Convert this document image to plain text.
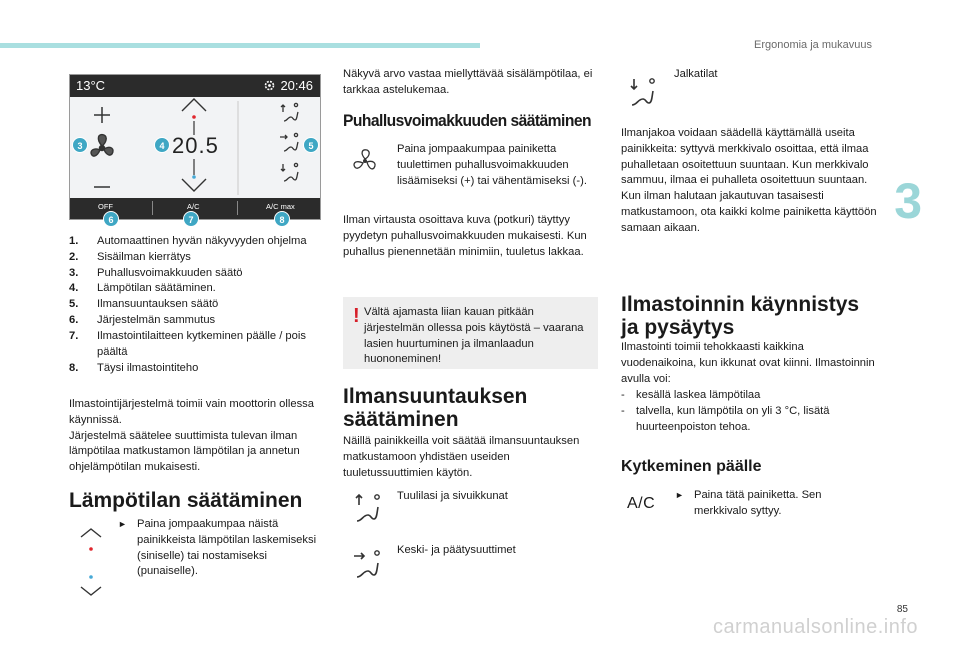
Ergonomia ja mukavuus
3
85
carmanualsonline.info
13°C	20:46
20.5
OFF	A/C	A/C max
3	4	5
6	7	8
1. Automaattinen hyvän näkyvyyden ohjelma
2. Sisäilman kierrätys
3. Puhallusvoimakkuuden säätö
4. Lämpötilan säätäminen.
5. Ilmansuuntauksen säätö
6. Järjestelmän sammutus
7. Ilmastointilaitteen kytkeminen päälle / pois päältä
8. Täysi ilmastointiteho

Ilmastointijärjestelmä toimii vain moottorin ollessa käynnissä.
Järjestelmä säätelee suuttimista tulevan ilman lämpötilaa matkustamon lämpötilan ja annetun ohjelämpötilan mukaisesti.

Lämpötilan säätäminen
► Paina jompaakumpaa näistä painikkeista lämpötilan laskemiseksi (siniselle) tai nostamiseksi (punaiselle).

Näkyvä arvo vastaa miellyttävää sisälämpötilaa, ei tarkkaa astelukemaa.

Puhallusvoimakkuuden säätäminen

Paina jompaakumpaa painiketta tuulettimen puhallusvoimakkuuden lisäämiseksi (+) tai vähentämiseksi (-).

Ilman virtausta osoittava kuva (potkuri) täyttyy pyydetyn puhallusvoimakkuuden mukaisesti. Kun puhallus pienennetään minimiin, tuuletus lakkaa.

! Vältä ajamasta liian kauan pitkään järjestelmän ollessa pois käytöstä – vaarana lasien huurtuminen ja ilmanlaadun huononeminen!

Ilmansuuntauksen säätäminen

Näillä painikkeilla voit säätää ilmansuuntauksen matkustamoon yhdistäen useiden tuuletussuuttimien käytön.

Tuulilasi ja sivuikkunat

Keski- ja päätysuuttimet

Jalkatilat

Ilmanjakoa voidaan säädellä käyttämällä useita painikkeita: syttyvä merkkivalo osoittaa, että ilmaa puhalletaan osoitettuun suuntaan. Kun merkkivalo sammuu, ilmaa ei puhalleta osoitettuun suuntaan.
Kun ilman halutaan jakautuvan tasaisesti matkustamoon, ota kaikki kolme painiketta käyttöön samaan aikaan.

Ilmastoinnin käynnistys ja pysäytys

Ilmastointi toimii tehokkaasti kaikkina vuodenaikoina, kun ikkunat ovat kiinni. Ilmastoinnin avulla voi:

- kesällä laskea lämpötilaa
- talvella, kun lämpötila on yli 3 °C, lisätä huurteenpoiston tehoa.
Kytkeminen päälle
A/C ► Paina tätä painiketta. Sen merkkivalo syttyy.
